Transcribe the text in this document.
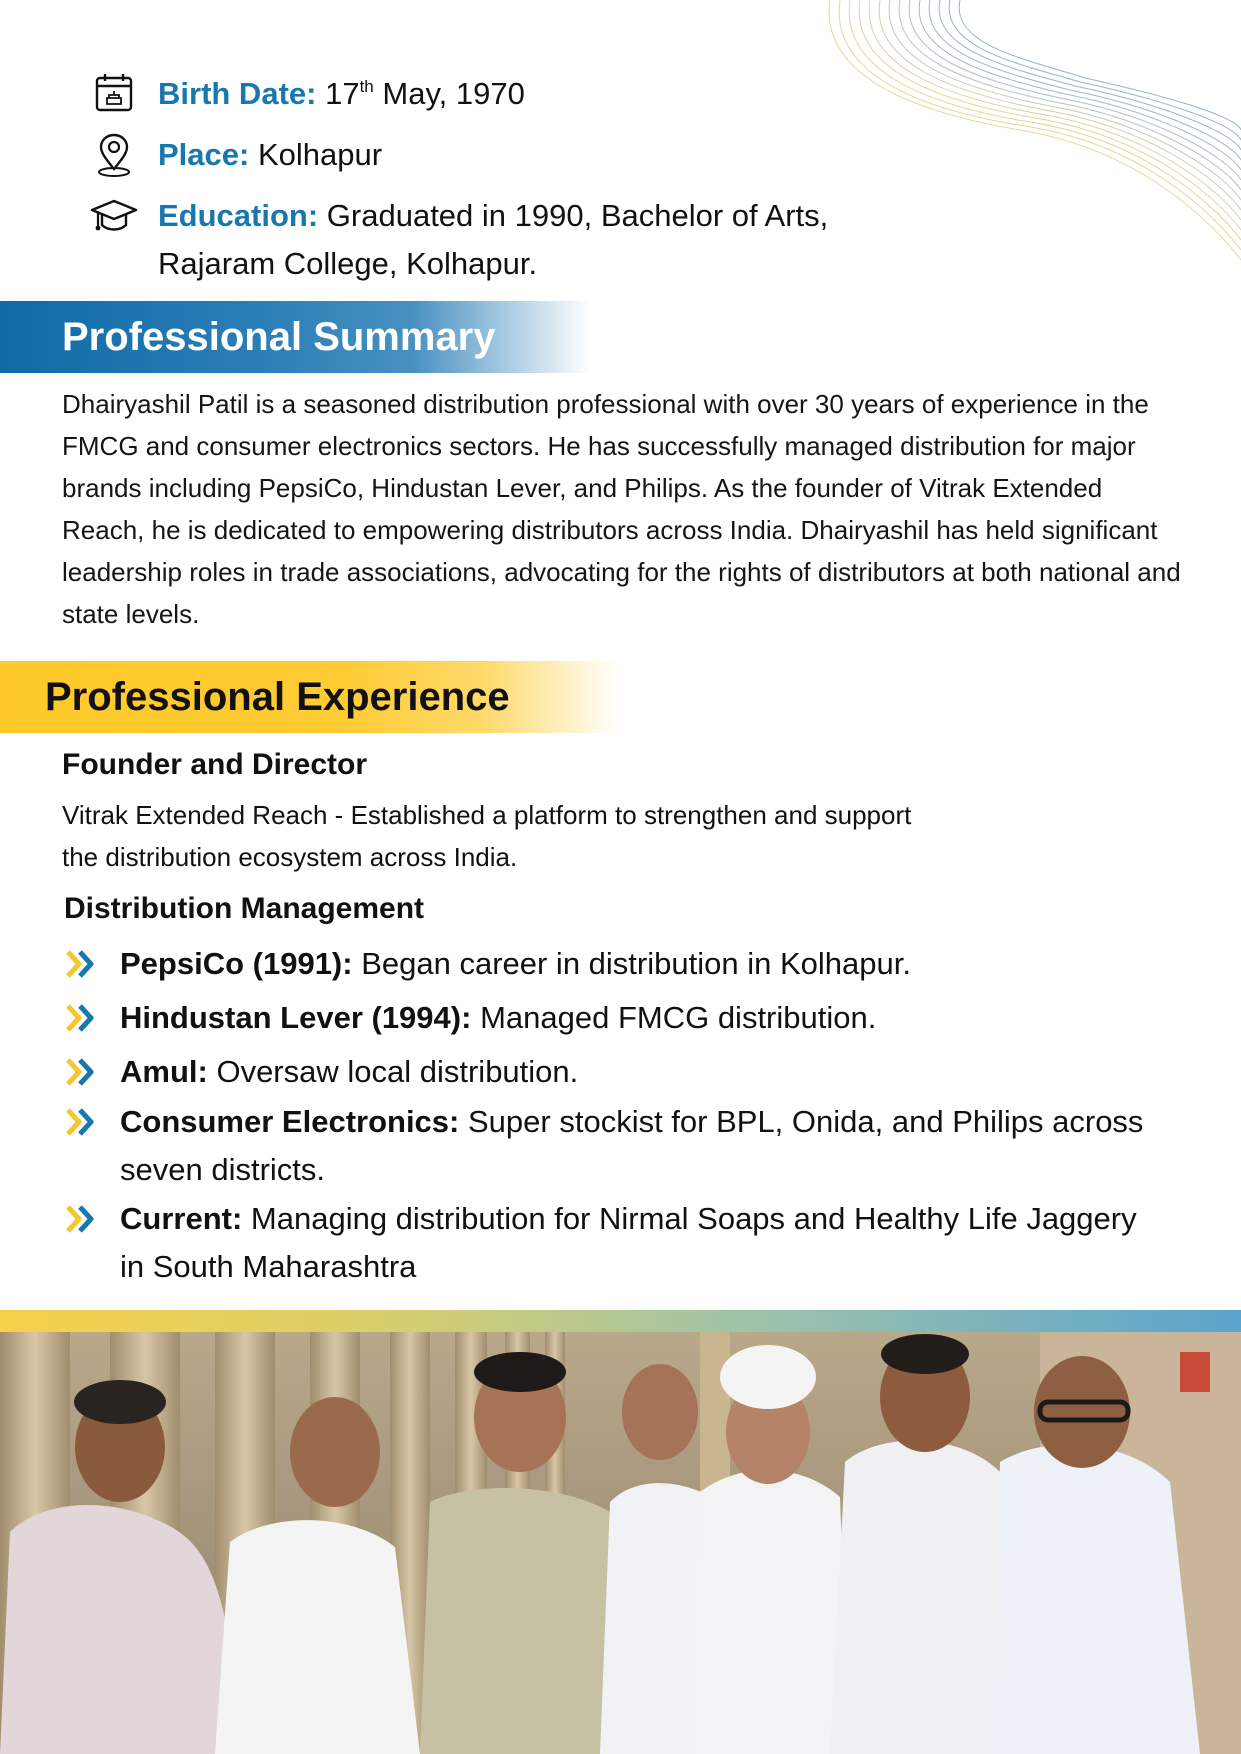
Birth Date: 17th May, 1970
Place: Kolhapur
Education: Graduated in 1990, Bachelor of Arts,
Rajaram College, Kolhapur.
Professional Summary

Dhairyashil Patil is a seasoned distribution professional with over 30 years of experience in the FMCG and consumer electronics sectors. He has successfully managed distribution for major brands including PepsiCo, Hindustan Lever, and Philips. As the founder of Vitrak Extended Reach, he is dedicated to empowering distributors across India. Dhairyashil has held significant leadership roles in trade associations, advocating for the rights of distributors at both national and state levels.

Professional Experience
Founder and Director

Vitrak Extended Reach - Established a platform to strengthen and support
the distribution ecosystem across India.

Distribution Management
PepsiCo (1991): Began career in distribution in Kolhapur.
Hindustan Lever (1994): Managed FMCG distribution.
Amul: Oversaw local distribution.
Consumer Electronics: Super stockist for BPL, Onida, and Philips across seven districts.
Current: Managing distribution for Nirmal Soaps and Healthy Life Jaggery in South Maharashtra
